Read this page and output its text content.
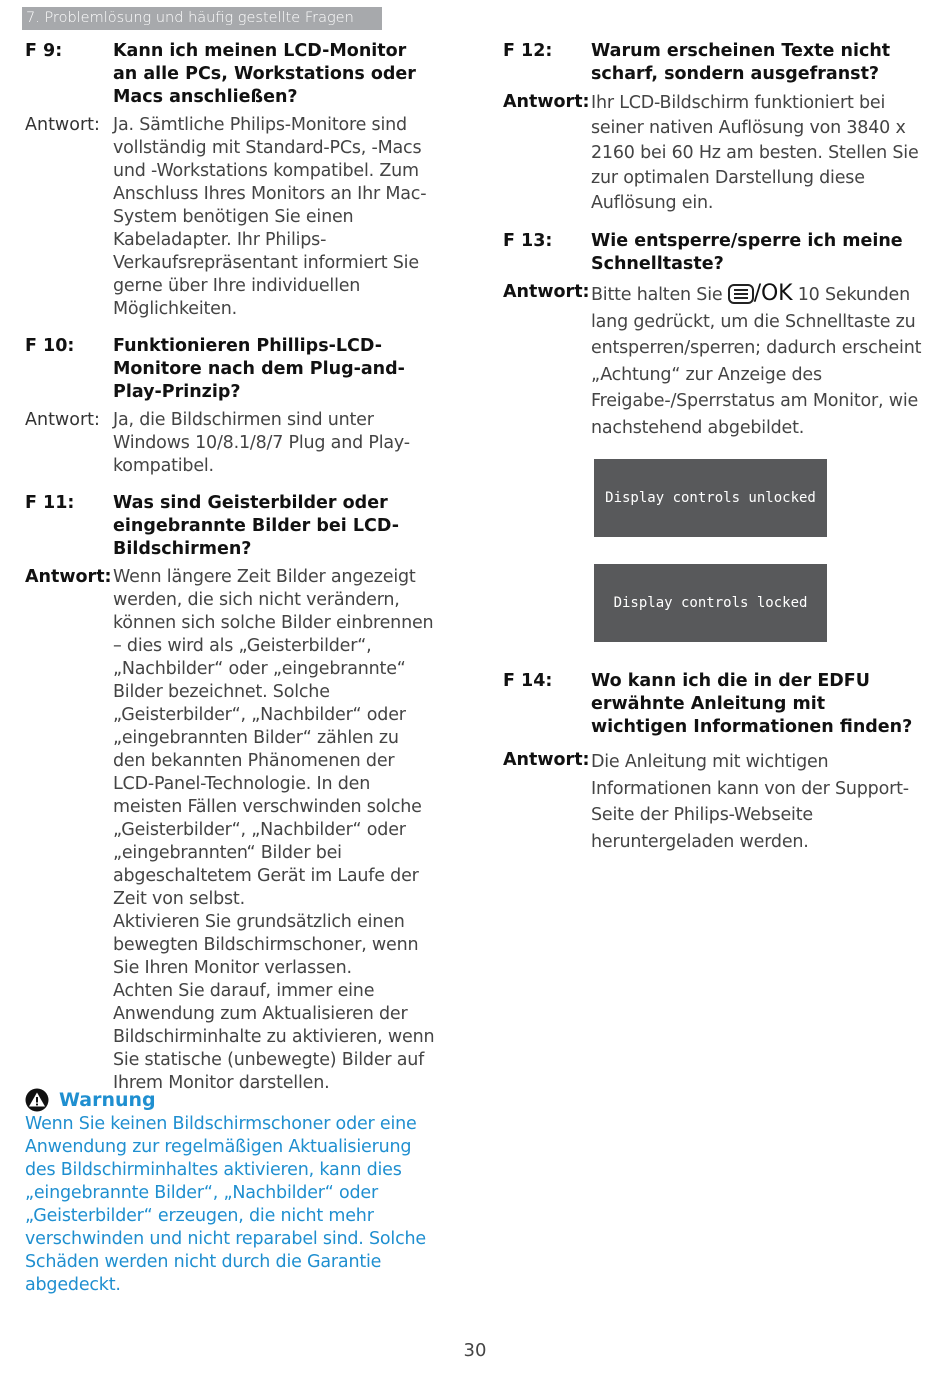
7. Problemlösung und häufig gestellte Fragen
F 9:	Kann ich meinen LCD-Monitor an alle PCs, Workstations oder Macs anschließen?
Antwort: Ja. Sämtliche Philips-Monitore sind vollständig mit Standard-PCs, -Macs und -Workstations kompatibel. Zum Anschluss Ihres Monitors an Ihr Mac-System benötigen Sie einen Kabeladapter. Ihr Philips-Verkaufsrepräsentant informiert Sie gerne über Ihre individuellen Möglichkeiten.
F 10:	Funktionieren Phillips-LCD-Monitore nach dem Plug-and-Play-Prinzip?
Antwort: Ja, die Bildschirmen sind unter Windows 10/8.1/8/7 Plug and Play-kompatibel.
F 11:	Was sind Geisterbilder oder eingebrannte Bilder bei LCD-Bildschirmen?
Antwort: Wenn längere Zeit Bilder angezeigt werden, die sich nicht verändern, können sich solche Bilder einbrennen – dies wird als „Geisterbilder“, „Nachbilder“ oder „eingebrannte“ Bilder bezeichnet. Solche „Geisterbilder“, „Nachbilder“ oder „eingebrannten Bilder“ zählen zu den bekannten Phänomenen der LCD-Panel-Technologie. In den meisten Fällen verschwinden solche „Geisterbilder“, „Nachbilder“ oder „eingebrannten“ Bilder bei abgeschaltetem Gerät im Laufe der Zeit von selbst.

Aktivieren Sie grundsätzlich einen bewegten Bildschirmschoner, wenn Sie Ihren Monitor verlassen.

Achten Sie darauf, immer eine Anwendung zum Aktualisieren der Bildschirminhalte zu aktivieren, wenn Sie statische (unbewegte) Bilder auf Ihrem Monitor darstellen.

Warnung
Wenn Sie keinen Bildschirmschoner oder eine Anwendung zur regelmäßigen Aktualisierung des Bildschirminhaltes aktivieren, kann dies „eingebrannte Bilder“, „Nachbilder“ oder „Geisterbilder“ erzeugen, die nicht mehr verschwinden und nicht reparabel sind. Solche Schäden werden nicht durch die Garantie abgedeckt.
F 12:	Warum erscheinen Texte nicht scharf, sondern ausgefranst?
Antwort: Ihr LCD-Bildschirm funktioniert bei seiner nativen Auflösung von 3840 x 2160 bei 60 Hz am besten. Stellen Sie zur optimalen Darstellung diese Auflösung ein.
F 13:	Wie entsperre/sperre ich meine Schnelltaste?
Antwort: Bitte halten Sie /OK 10 Sekunden lang gedrückt, um die Schnelltaste zu entsperren/sperren; dadurch erscheint „Achtung“ zur Anzeige des Freigabe-/Sperrstatus am Monitor, wie nachstehend abgebildet.
Display controls unlocked
Display controls locked
F 14:	Wo kann ich die in der EDFU erwähnte Anleitung mit wichtigen Informationen finden?
Antwort: Die Anleitung mit wichtigen Informationen kann von der Support-Seite der Philips-Webseite heruntergeladen werden.
30
